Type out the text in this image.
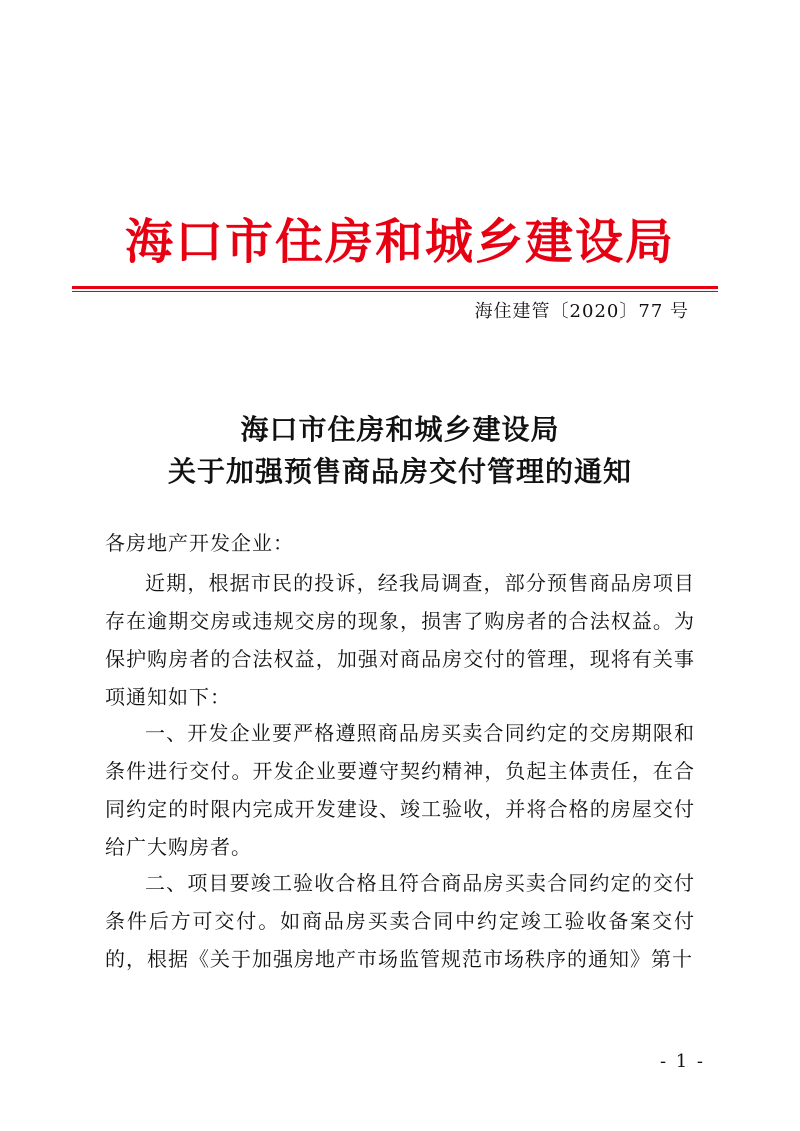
海口市住房和城乡建设局
海住建管〔2020〕77 号
海口市住房和城乡建设局
关于加强预售商品房交付管理的通知
各房地产开发企业：

近期，根据市民的投诉，经我局调查，部分预售商品房项目存在逾期交房或违规交房的现象，损害了购房者的合法权益。为保护购房者的合法权益，加强对商品房交付的管理，现将有关事项通知如下：

一、开发企业要严格遵照商品房买卖合同约定的交房期限和条件进行交付。开发企业要遵守契约精神，负起主体责任，在合同约定的时限内完成开发建设、竣工验收，并将合格的房屋交付给广大购房者。

二、项目要竣工验收合格且符合商品房买卖合同约定的交付条件后方可交付。如商品房买卖合同中约定竣工验收备案交付的，根据《关于加强房地产市场监管规范市场秩序的通知》第十

- 1 -
